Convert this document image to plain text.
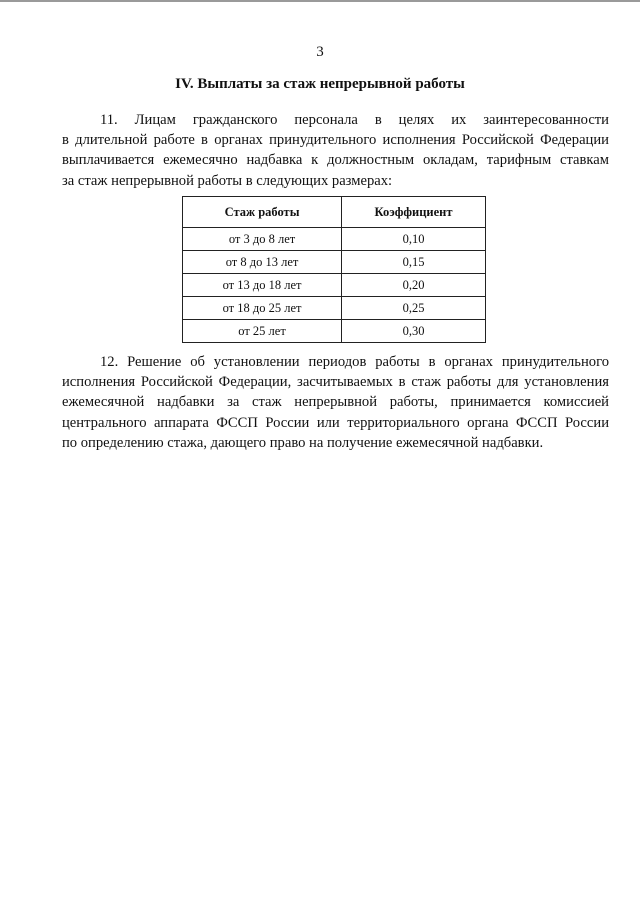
3
IV. Выплаты за стаж непрерывной работы
11. Лицам гражданского персонала в целях их заинтересованности
в длительной работе в органах принудительного исполнения Российской Федерации
выплачивается ежемесячно надбавка к должностным окладам, тарифным ставкам
за стаж непрерывной работы в следующих размерах:
Стаж работы	Коэффициент
от 3 до 8 лет	0,10
от 8 до 13 лет	0,15
от 13 до 18 лет	0,20
от 18 до 25 лет	0,25
от 25 лет	0,30
12. Решение об установлении периодов работы в органах принудительного
исполнения Российской Федерации, засчитываемых в стаж работы для установления
ежемесячной надбавки за стаж непрерывной работы, принимается комиссией
центрального аппарата ФССП России или территориального органа ФССП России
по определению стажа, дающего право на получение ежемесячной надбавки.
